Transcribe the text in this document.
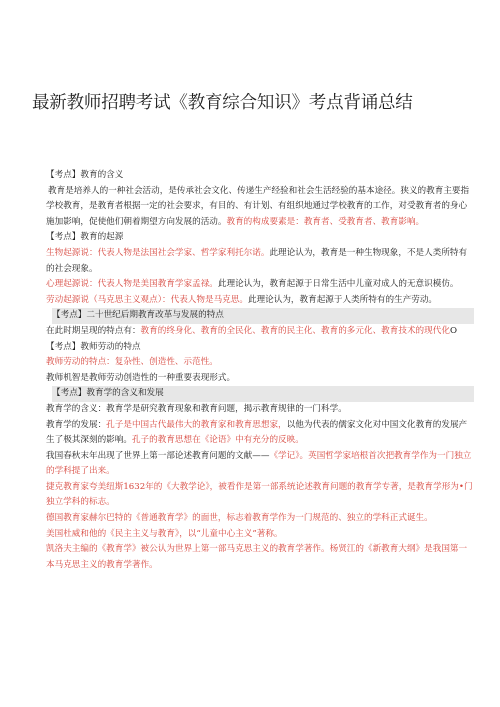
最新教师招聘考试《教育综合知识》考点背诵总结

【考点】教育的含义

教育是培养人的一种社会活动，是传承社会文化、传递生产经验和社会生活经验的基本途径。狭义的教育主要指学校教育，是教育者根据一定的社会要求，有目的、有计划、有组织地通过学校教育的工作，对受教育者的身心施加影响，促使他们朝着期望方向发展的活动。教育的构成要素是：教育者、受教育者、教育影响。

【考点】教育的起源

生物起源说：代表人物是法国社会学家、哲学家利托尔诺。此理论认为，教育是一种生物现象，不是人类所特有的社会现象。

心理起源说：代表人物是美国教育学家孟禄。此理论认为，教育起源于日常生活中儿童对成人的无意识模仿。

劳动起源说（马克思主义观点）：代表人物是马克思。此理论认为，教育起源于人类所特有的生产劳动。

【考点】二十世纪后期教育改革与发展的特点

在此时期呈现的特点有：教育的终身化、教育的全民化、教育的民主化、教育的多元化、教育技术的现代化O

【考点】教师劳动的特点

教师劳动的特点：复杂性、创造性、示范性。

教师机智是教师劳动创造性的一种重要表现形式。

【考点】教育学的含义和发展

教育学的含义：教育学是研究教育现象和教育问题，揭示教育规律的一门科学。

教育学的发展：孔子是中国古代最伟大的教育家和教育思想家，以他为代表的儒家文化对中国文化教育的发展产生了极其深刻的影响。孔子的教育思想在《论语》中有充分的反映。

我国春秋末年出现了世界上第一部论述教育问题的文献——《学记》。英国哲学家培根首次把教育学作为一门独立的学科提了出来。

捷克教育家夸美纽斯1632年的《大教学论》，被看作是第一部系统论述教育问题的教育学专著，是教育学形为•门独立学科的标志。

德国教育家赫尔巴特的《普通教育学》的面世，标志着教育学作为一门规范的、独立的学科正式诞生。

美国杜威和他的《民主主义与教育》，以“儿童中心主义”著称。

凯洛夫主编的《教育学》被公认为世界上第一部马克思主义的教育学著作。杨贤江的《新教育大纲》是我国第一本马克思主义的教育学著作。
